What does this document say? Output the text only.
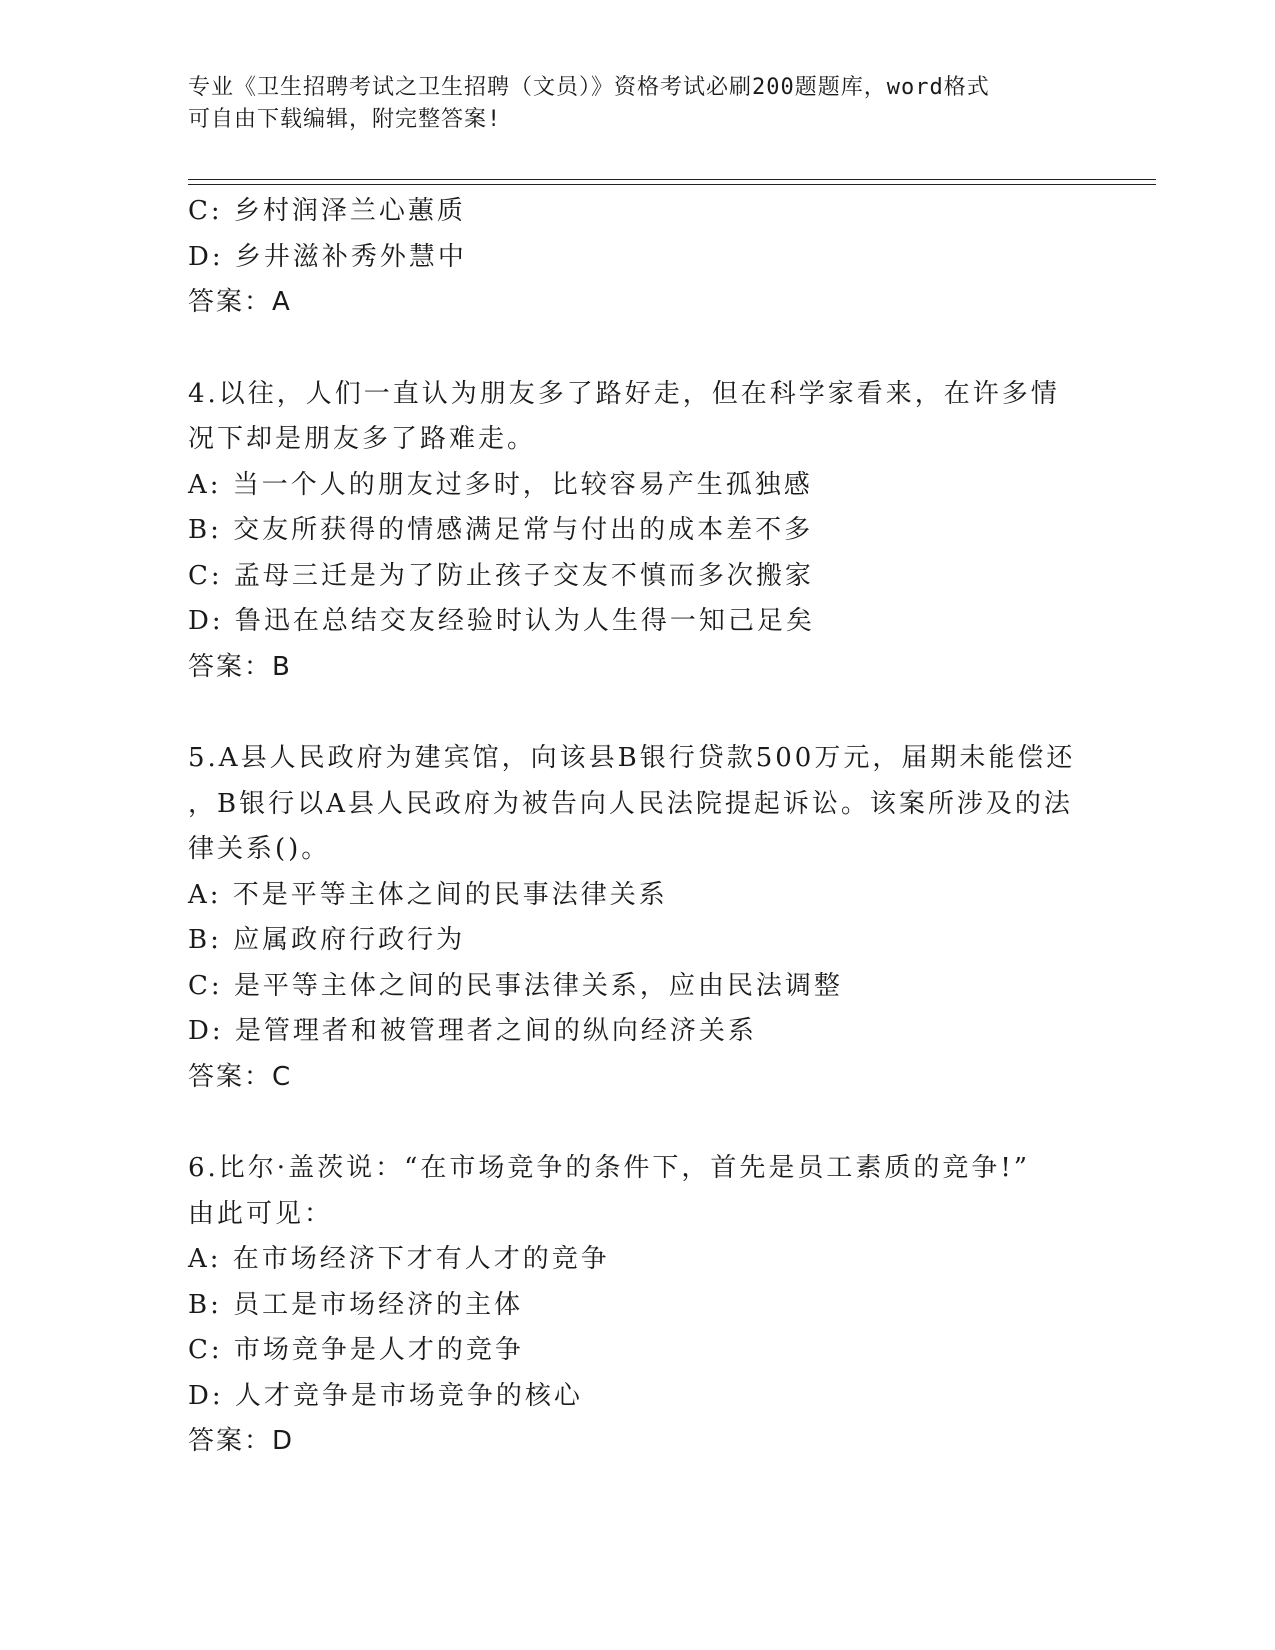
专业《卫生招聘考试之卫生招聘（文员）》资格考试必刷200题题库，word格式
可自由下载编辑，附完整答案!
C: 乡村润泽兰心蕙质
D: 乡井滋补秀外慧中
答案：A
4.以往，人们一直认为朋友多了路好走，但在科学家看来，在许多情
况下却是朋友多了路难走。
A: 当一个人的朋友过多时，比较容易产生孤独感
B: 交友所获得的情感满足常与付出的成本差不多
C: 孟母三迁是为了防止孩子交友不慎而多次搬家
D: 鲁迅在总结交友经验时认为人生得一知己足矣
答案：B
5.A县人民政府为建宾馆，向该县B银行贷款500万元，届期未能偿还
，B银行以A县人民政府为被告向人民法院提起诉讼。该案所涉及的法
律关系()。
A: 不是平等主体之间的民事法律关系
B: 应属政府行政行为
C: 是平等主体之间的民事法律关系，应由民法调整
D: 是管理者和被管理者之间的纵向经济关系
答案：C
6.比尔·盖茨说：“在市场竞争的条件下，首先是员工素质的竞争!”
由此可见：
A: 在市场经济下才有人才的竞争
B: 员工是市场经济的主体
C: 市场竞争是人才的竞争
D: 人才竞争是市场竞争的核心
答案：D
